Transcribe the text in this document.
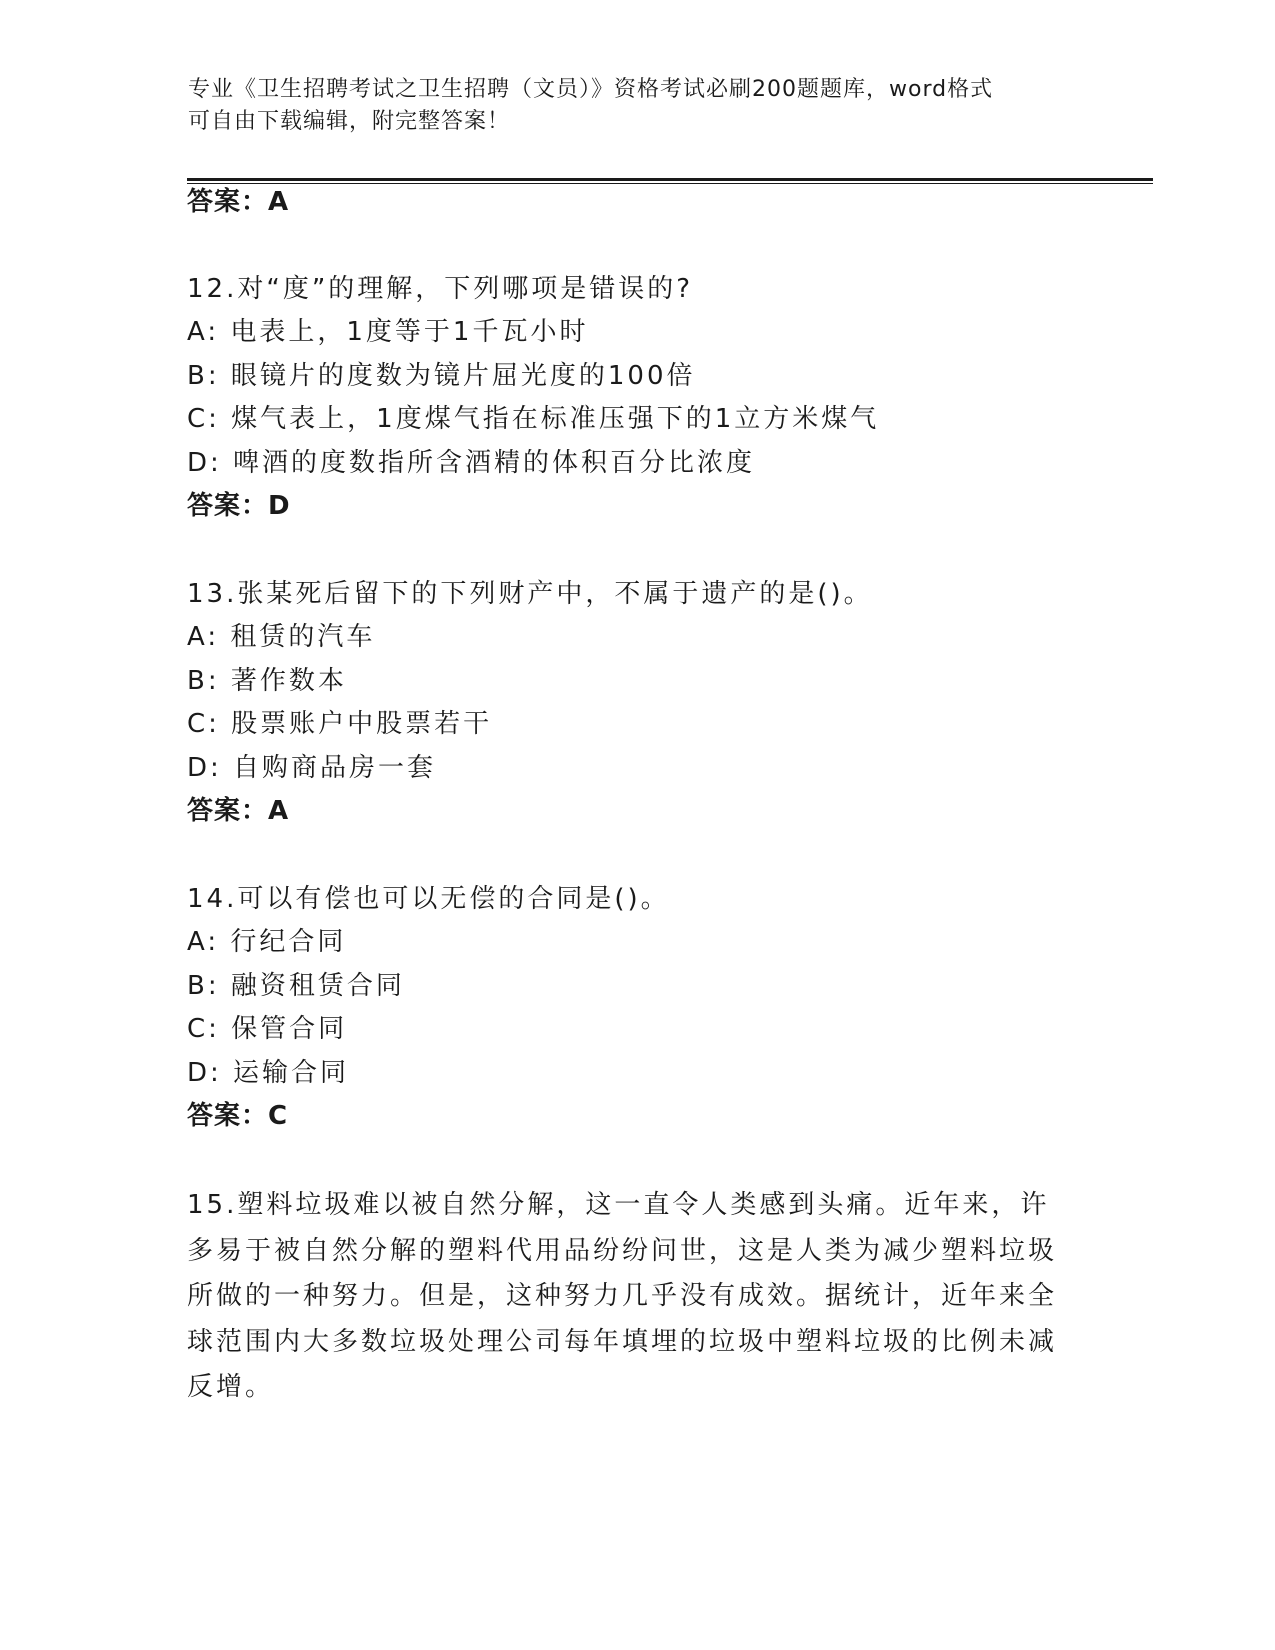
专业《卫生招聘考试之卫生招聘（文员）》资格考试必刷200题题库，word格式
可自由下载编辑，附完整答案！
答案：A
12.对“度”的理解，下列哪项是错误的?
A: 电表上，1度等于1千瓦小时
B: 眼镜片的度数为镜片屈光度的100倍
C: 煤气表上，1度煤气指在标准压强下的1立方米煤气
D: 啤酒的度数指所含酒精的体积百分比浓度
答案：D
13.张某死后留下的下列财产中，不属于遗产的是()。
A: 租赁的汽车
B: 著作数本
C: 股票账户中股票若干
D: 自购商品房一套
答案：A
14.可以有偿也可以无偿的合同是()。
A: 行纪合同
B: 融资租赁合同
C: 保管合同
D: 运输合同
答案：C
15.塑料垃圾难以被自然分解，这一直令人类感到头痛。近年来，许多易于被自然分解的塑料代用品纷纷问世，这是人类为减少塑料垃圾所做的一种努力。但是，这种努力几乎没有成效。据统计，近年来全球范围内大多数垃圾处理公司每年填埋的垃圾中塑料垃圾的比例未减反增。
